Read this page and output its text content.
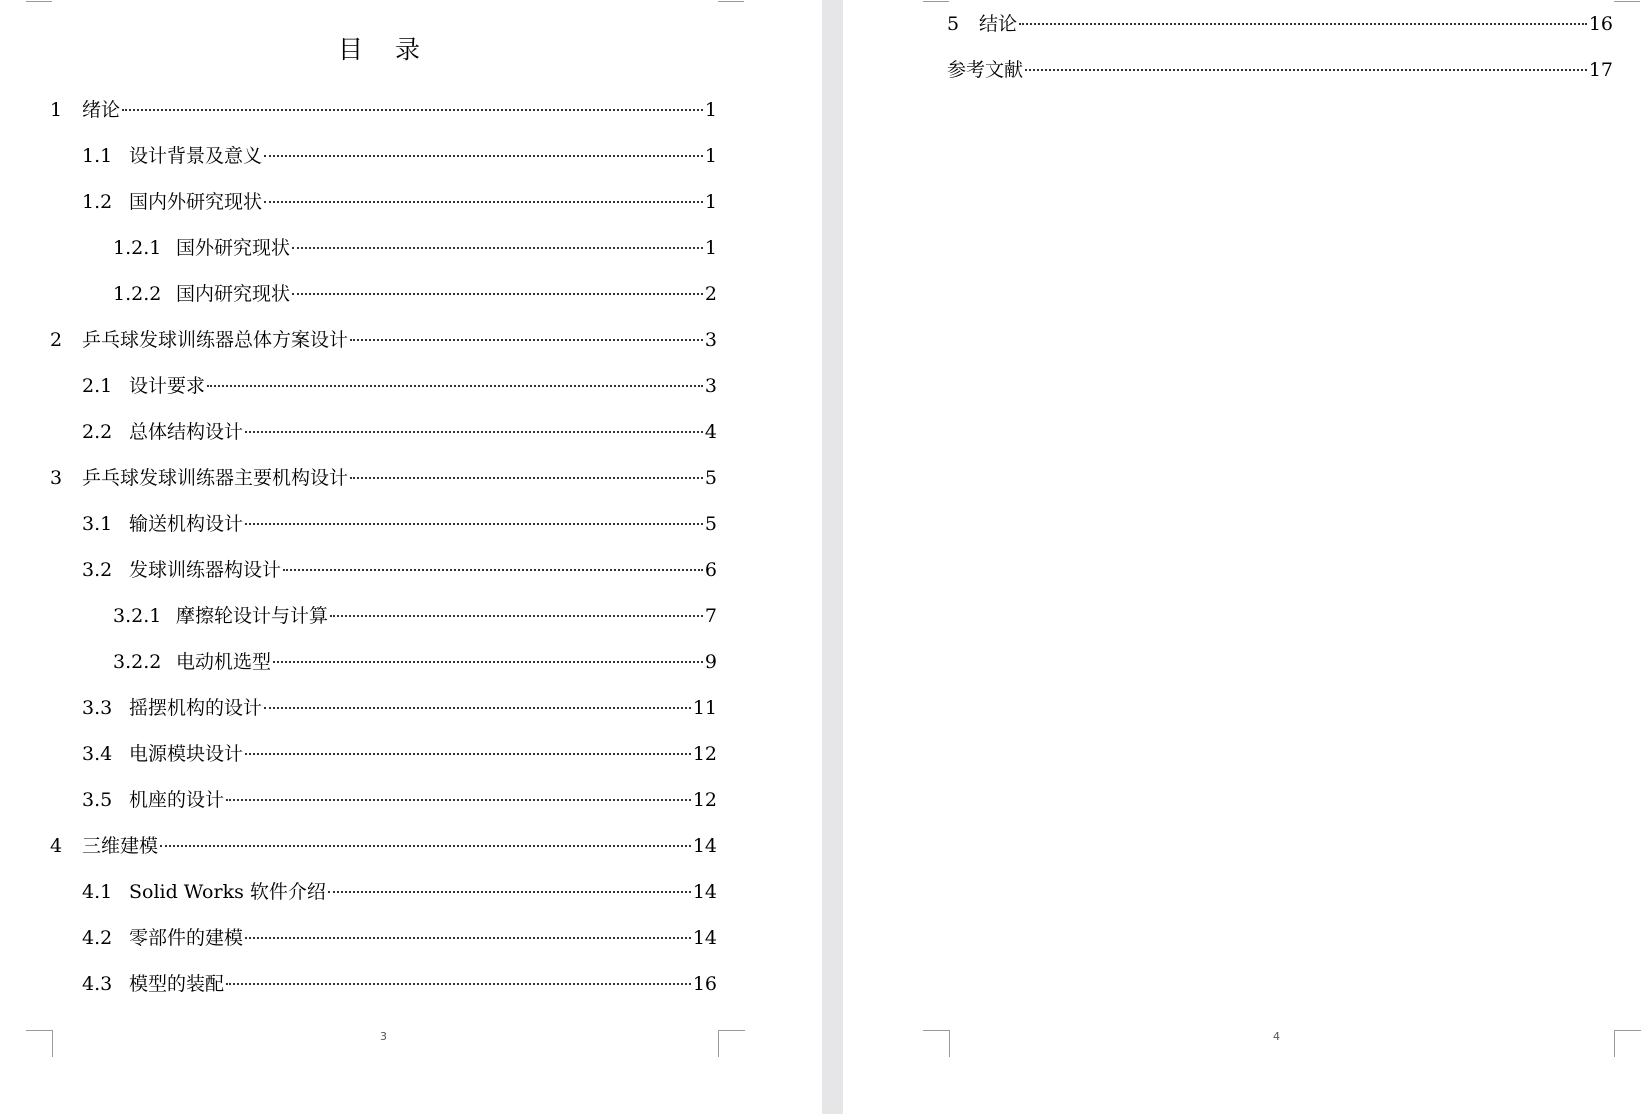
目 录
1	绪论	1
1.1 设计背景及意义	1
1.2 国内外研究现状	1
1.2.1 国外研究现状	1
1.2.2 国内研究现状	2
2	乒乓球发球训练器总体方案设计	3
2.1 设计要求	3
2.2 总体结构设计	4
3	乒乓球发球训练器主要机构设计	5
3.1 输送机构设计	5
3.2 发球训练器构设计	6
3.2.1 摩擦轮设计与计算	7
3.2.2 电动机选型	9
3.3 摇摆机构的设计	11
3.4 电源模块设计	12
3.5 机座的设计	12
4	三维建模	14
4.1 Solid Works 软件介绍	14
4.2 零部件的建模	14
4.3 模型的装配	16
3
5	结论	16
参考文献	17
4
